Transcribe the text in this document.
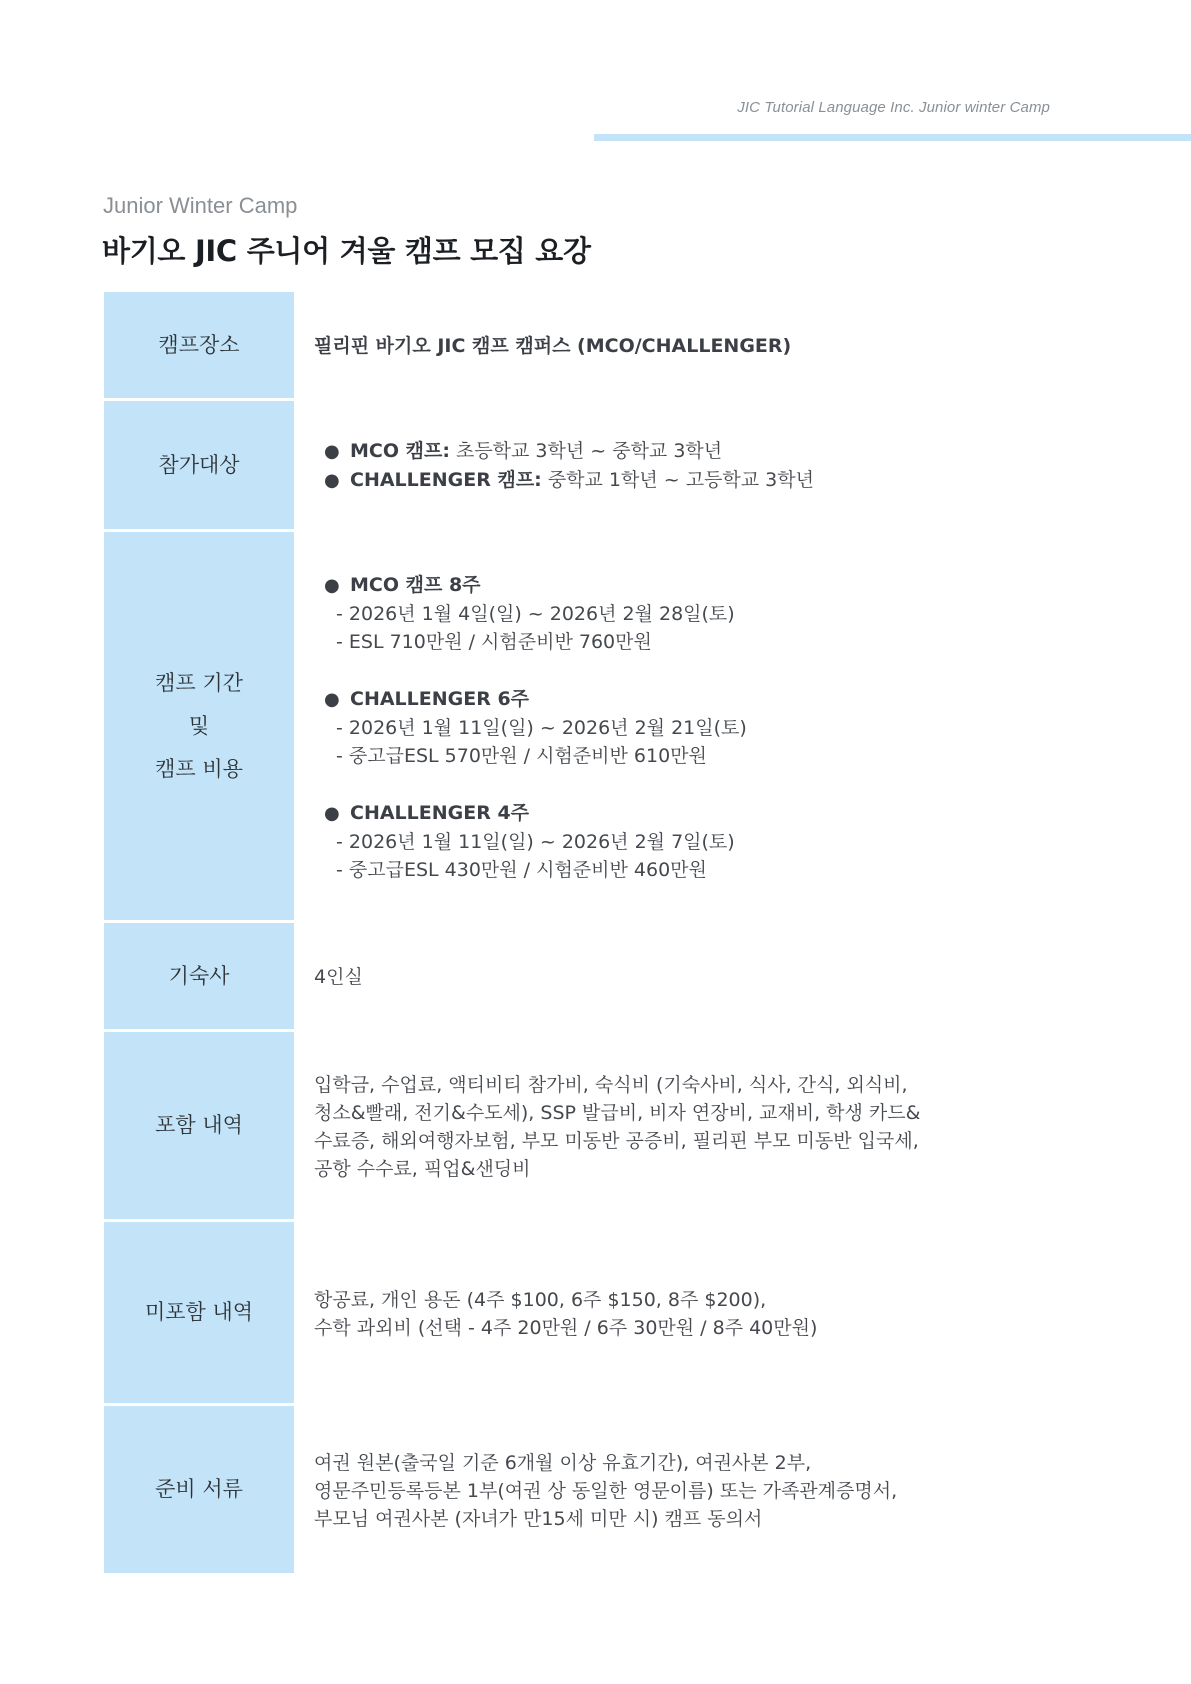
JIC Tutorial Language Inc. Junior winter Camp
Junior Winter Camp
바기오 JIC 주니어 겨울 캠프 모집 요강
캠프장소	필리핀 바기오 JIC 캠프 캠퍼스 (MCO/CHALLENGER)
참가대상
● MCO 캠프: 초등학교 3학년 ~ 중학교 3학년
● CHALLENGER 캠프: 중학교 1학년 ~ 고등학교 3학년
캠프 기간
및
캠프 비용
● MCO 캠프 8주
- 2026년 1월 4일(일) ~ 2026년 2월 28일(토)
- ESL 710만원 / 시험준비반 760만원
● CHALLENGER 6주
- 2026년 1월 11일(일) ~ 2026년 2월 21일(토)
- 중고급ESL 570만원 / 시험준비반 610만원
● CHALLENGER 4주
- 2026년 1월 11일(일) ~ 2026년 2월 7일(토)
- 중고급ESL 430만원 / 시험준비반 460만원
기숙사	4인실
포함 내역
입학금, 수업료, 액티비티 참가비, 숙식비 (기숙사비, 식사, 간식, 외식비,
청소&빨래, 전기&수도세), SSP 발급비, 비자 연장비, 교재비, 학생 카드&
수료증, 해외여행자보험, 부모 미동반 공증비, 필리핀 부모 미동반 입국세,
공항 수수료, 픽업&샌딩비
미포함 내역
항공료, 개인 용돈 (4주 $100, 6주 $150, 8주 $200),
수학 과외비 (선택 - 4주 20만원 / 6주 30만원 / 8주 40만원)
준비 서류
여권 원본(출국일 기준 6개월 이상 유효기간), 여권사본 2부,
영문주민등록등본 1부(여권 상 동일한 영문이름) 또는 가족관계증명서,
부모님 여권사본 (자녀가 만15세 미만 시) 캠프 동의서
